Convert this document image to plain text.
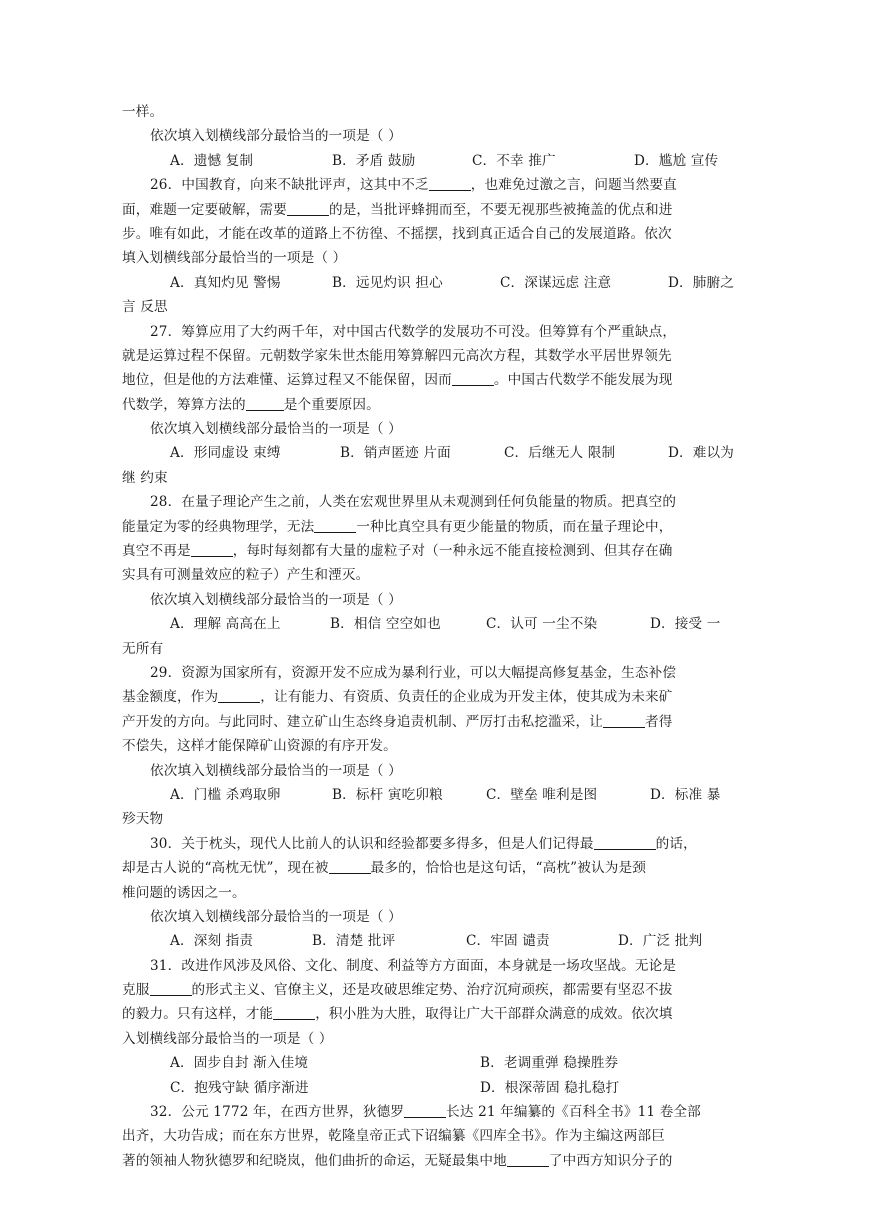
一样。
依次填入划横线部分最恰当的一项是（ ）
A．遗憾 复制	B．矛盾 鼓励	C．不幸 推广	D．尴尬 宣传
26．中国教育，向来不缺批评声，这其中不乏	，也难免过激之言，问题当然要直
面，难题一定要破解，需要	的是，当批评蜂拥而至，不要无视那些被掩盖的优点和进
步。唯有如此，才能在改革的道路上不彷徨、不摇摆，找到真正适合自己的发展道路。依次
填入划横线部分最恰当的一项是（ ）
A．真知灼见 警惕	B．远见灼识 担心	C．深谋远虑 注意	D．肺腑之
言 反思
27．筹算应用了大约两千年，对中国古代数学的发展功不可没。但筹算有个严重缺点，
就是运算过程不保留。元朝数学家朱世杰能用筹算解四元高次方程，其数学水平居世界领先
地位，但是他的方法难懂、运算过程又不能保留，因而	。中国古代数学不能发展为现
代数学，筹算方法的	是个重要原因。
依次填入划横线部分最恰当的一项是（ ）
A．形同虚设 束缚	B．销声匿迹 片面	C．后继无人 限制	D．难以为
继 约束
28．在量子理论产生之前，人类在宏观世界里从未观测到任何负能量的物质。把真空的
能量定为零的经典物理学，无法	一种比真空具有更少能量的物质，而在量子理论中，
真空不再是	，每时每刻都有大量的虚粒子对（一种永远不能直接检测到、但其存在确
实具有可测量效应的粒子）产生和湮灭。
依次填入划横线部分最恰当的一项是（ ）
A．理解 高高在上	B．相信 空空如也	C．认可 一尘不染	D．接受 一
无所有
29．资源为国家所有，资源开发不应成为暴利行业，可以大幅提高修复基金，生态补偿
基金额度，作为	，让有能力、有资质、负责任的企业成为开发主体，使其成为未来矿
产开发的方向。与此同时、建立矿山生态终身追责机制、严厉打击私挖滥采，让	者得
不偿失，这样才能保障矿山资源的有序开发。
依次填入划横线部分最恰当的一项是（ ）
A．门槛 杀鸡取卵	B．标杆 寅吃卯粮	C．壁垒 唯利是图	D．标准 暴
殄天物
30．关于枕头，现代人比前人的认识和经验都要多得多，但是人们记得最	的话，
却是古人说的“高枕无忧”，现在被	最多的，恰恰也是这句话，“高枕”被认为是颈
椎问题的诱因之一。
依次填入划横线部分最恰当的一项是（ ）
A．深刻 指责	B．清楚 批评	C．牢固 谴责	D．广泛 批判
31．改进作风涉及风俗、文化、制度、利益等方方面面，本身就是一场攻坚战。无论是
克服	的形式主义、官僚主义，还是攻破思维定势、治疗沉疴顽疾，都需要有坚忍不拔
的毅力。只有这样，才能	，积小胜为大胜，取得让广大干部群众满意的成效。依次填
入划横线部分最恰当的一项是（ ）
A．固步自封 渐入佳境	B．老调重弹 稳操胜券
C．抱残守缺 循序渐进	D．根深蒂固 稳扎稳打
32．公元 1772 年，在西方世界，狄德罗	长达 21 年编纂的《百科全书》11 卷全部
出齐，大功告成；而在东方世界，乾隆皇帝正式下诏编纂《四库全书》。作为主编这两部巨
著的领袖人物狄德罗和纪晓岚，他们曲折的命运，无疑最集中地	了中西方知识分子的
